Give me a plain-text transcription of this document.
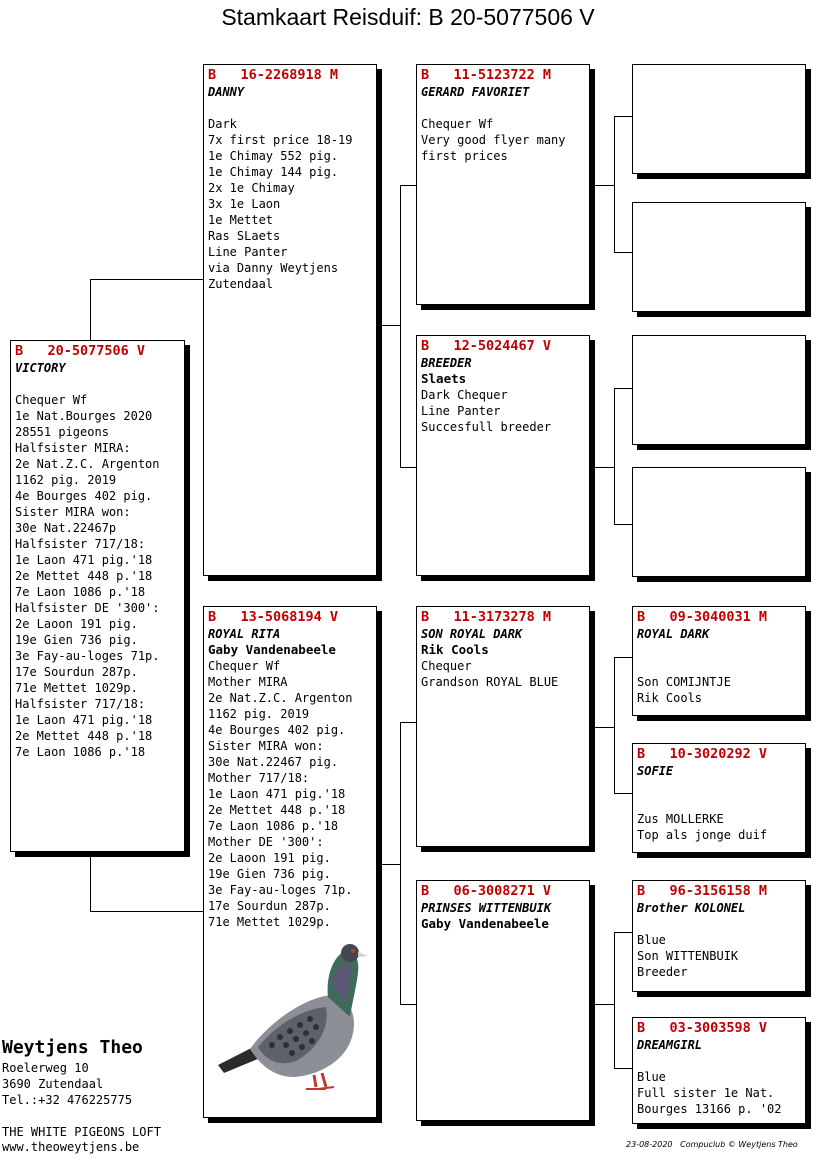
Stamkaart Reisduif: B 20-5077506 V
B   20-5077506 V
VICTORY

Chequer Wf
1e Nat.Bourges 2020
28551 pigeons
Halfsister MIRA:
2e Nat.Z.C. Argenton
1162 pig. 2019
4e Bourges 402 pig.
Sister MIRA won:
30e Nat.22467p
Halfsister 717/18:
1e Laon 471 pig.'18
2e Mettet 448 p.'18
7e Laon 1086 p.'18
Halfsister DE '300':
2e Laoon 191 pig.
19e Gien 736 pig.
3e Fay-au-loges 71p.
17e Sourdun 287p.
71e Mettet 1029p.
Halfsister 717/18:
1e Laon 471 pig.'18
2e Mettet 448 p.'18
7e Laon 1086 p.'18
B   16-2268918 M
DANNY

Dark
7x first price 18-19
1e Chimay 552 pig.
1e Chimay 144 pig.
2x 1e Chimay
3x 1e Laon
1e Mettet
Ras SLaets
Line Panter
via Danny Weytjens
Zutendaal
B   13-5068194 V
ROYAL RITA
Gaby Vandenabeele
Chequer Wf
Mother MIRA
2e Nat.Z.C. Argenton
1162 pig. 2019
4e Bourges 402 pig.
Sister MIRA won:
30e Nat.22467 pig.
Mother 717/18:
1e Laon 471 pig.'18
2e Mettet 448 p.'18
7e Laon 1086 p.'18
Mother DE '300':
2e Laoon 191 pig.
19e Gien 736 pig.
3e Fay-au-loges 71p.
17e Sourdun 287p.
71e Mettet 1029p.
B   11-5123722 M
GERARD FAVORIET

Chequer Wf
Very good flyer many
first prices
B   12-5024467 V
BREEDER
Slaets
Dark Chequer
Line Panter
Succesfull breeder
B   11-3173278 M
SON ROYAL DARK
Rik Cools
Chequer
Grandson ROYAL BLUE
B   06-3008271 V
PRINSES WITTENBUIK
Gaby Vandenabeele
B   09-3040031 M
ROYAL DARK

Son COMIJNTJE
Rik Cools
B   10-3020292 V
SOFIE

Zus MOLLERKE
Top als jonge duif
B   96-3156158 M
Brother KOLONEL

Blue
Son WITTENBUIK
Breeder
B   03-3003598 V
DREAMGIRL

Blue
Full sister 1e Nat.
Bourges 13166 p. '02
Weytjens Theo
Roelerweg 10
3690 Zutendaal
Tel.:+32 476225775
THE WHITE PIGEONS LOFT
www.theoweytjens.be	23-08-2020   Compuclub © Weytjens Theo
